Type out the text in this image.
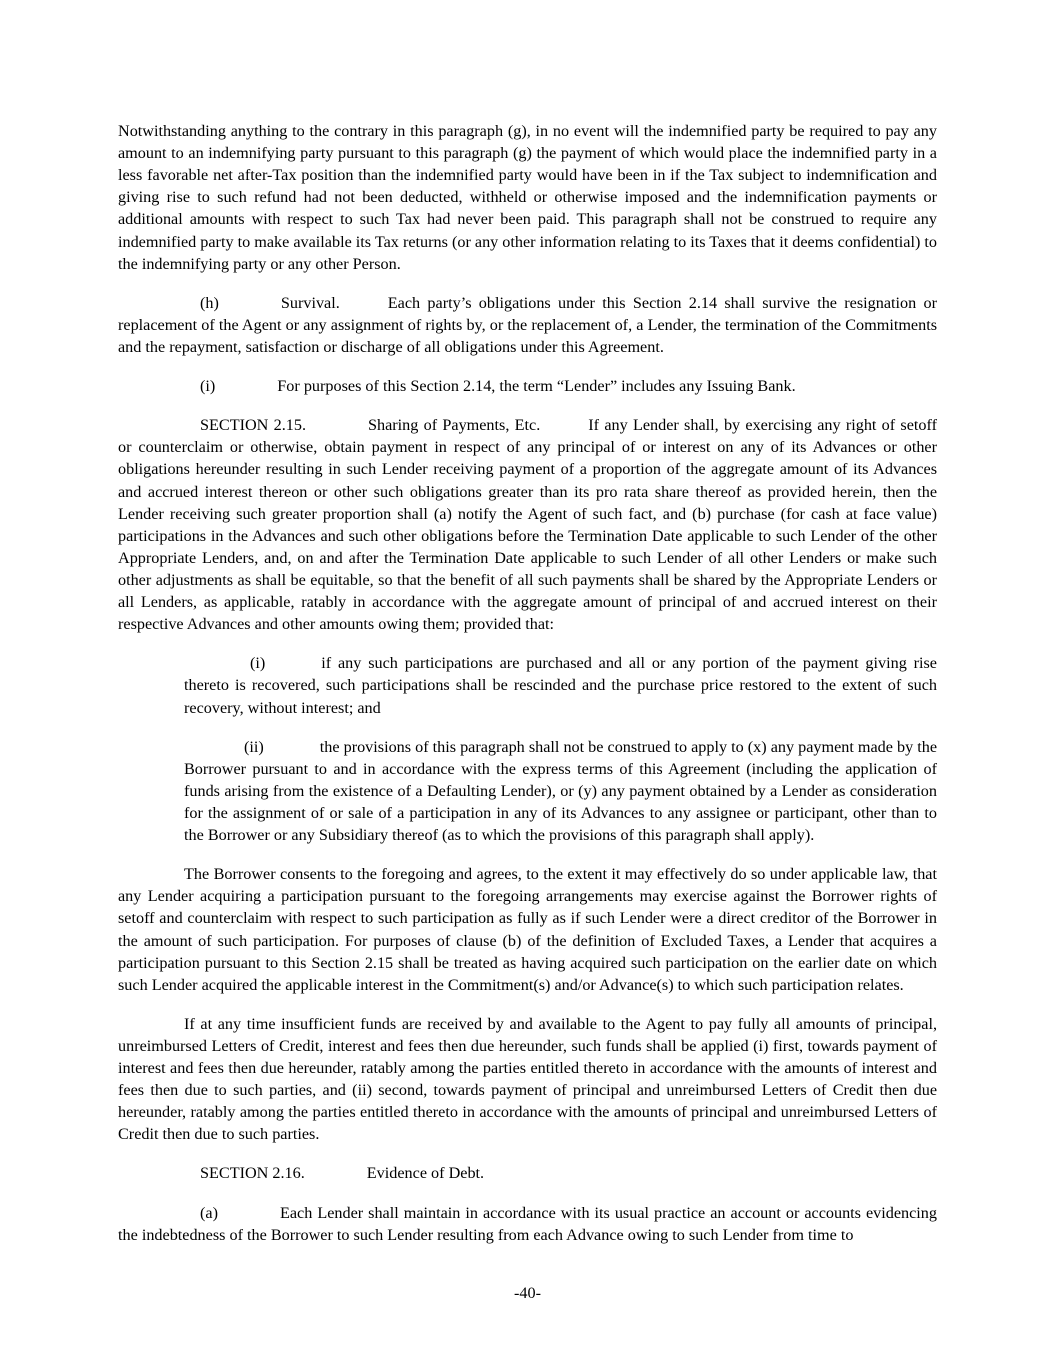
Notwithstanding anything to the contrary in this paragraph (g), in no event will the indemnified party be required to pay any amount to an indemnifying party pursuant to this paragraph (g) the payment of which would place the indemnified party in a less favorable net after-Tax position than the indemnified party would have been in if the Tax subject to indemnification and giving rise to such refund had not been deducted, withheld or otherwise imposed and the indemnification payments or additional amounts with respect to such Tax had never been paid. This paragraph shall not be construed to require any indemnified party to make available its Tax returns (or any other information relating to its Taxes that it deems confidential) to the indemnifying party or any other Person.

(h)	Survival.	Each party’s obligations under this Section 2.14 shall survive the resignation or replacement of the Agent or any assignment of rights by, or the replacement of, a Lender, the termination of the Commitments and the repayment, satisfaction or discharge of all obligations under this Agreement.

(i)	For purposes of this Section 2.14, the term “Lender” includes any Issuing Bank.

SECTION 2.15.	Sharing of Payments, Etc.	If any Lender shall, by exercising any right of setoff or counterclaim or otherwise, obtain payment in respect of any principal of or interest on any of its Advances or other obligations hereunder resulting in such Lender receiving payment of a proportion of the aggregate amount of its Advances and accrued interest thereon or other such obligations greater than its pro rata share thereof as provided herein, then the Lender receiving such greater proportion shall (a) notify the Agent of such fact, and (b) purchase (for cash at face value) participations in the Advances and such other obligations before the Termination Date applicable to such Lender of the other Appropriate Lenders, and, on and after the Termination Date applicable to such Lender of all other Lenders or make such other adjustments as shall be equitable, so that the benefit of all such payments shall be shared by the Appropriate Lenders or all Lenders, as applicable, ratably in accordance with the aggregate amount of principal of and accrued interest on their respective Advances and other amounts owing them; provided that:

(i)	if any such participations are purchased and all or any portion of the payment giving rise thereto is recovered, such participations shall be rescinded and the purchase price restored to the extent of such recovery, without interest; and

(ii)	the provisions of this paragraph shall not be construed to apply to (x) any payment made by the Borrower pursuant to and in accordance with the express terms of this Agreement (including the application of funds arising from the existence of a Defaulting Lender), or (y) any payment obtained by a Lender as consideration for the assignment of or sale of a participation in any of its Advances to any assignee or participant, other than to the Borrower or any Subsidiary thereof (as to which the provisions of this paragraph shall apply).

The Borrower consents to the foregoing and agrees, to the extent it may effectively do so under applicable law, that any Lender acquiring a participation pursuant to the foregoing arrangements may exercise against the Borrower rights of setoff and counterclaim with respect to such participation as fully as if such Lender were a direct creditor of the Borrower in the amount of such participation. For purposes of clause (b) of the definition of Excluded Taxes, a Lender that acquires a participation pursuant to this Section 2.15 shall be treated as having acquired such participation on the earlier date on which such Lender acquired the applicable interest in the Commitment(s) and/or Advance(s) to which such participation relates.

If at any time insufficient funds are received by and available to the Agent to pay fully all amounts of principal, unreimbursed Letters of Credit, interest and fees then due hereunder, such funds shall be applied (i) first, towards payment of interest and fees then due hereunder, ratably among the parties entitled thereto in accordance with the amounts of interest and fees then due to such parties, and (ii) second, towards payment of principal and unreimbursed Letters of Credit then due hereunder, ratably among the parties entitled thereto in accordance with the amounts of principal and unreimbursed Letters of Credit then due to such parties.

SECTION 2.16.	Evidence of Debt.

(a)	Each Lender shall maintain in accordance with its usual practice an account or accounts evidencing the indebtedness of the Borrower to such Lender resulting from each Advance owing to such Lender from time to

-40-
